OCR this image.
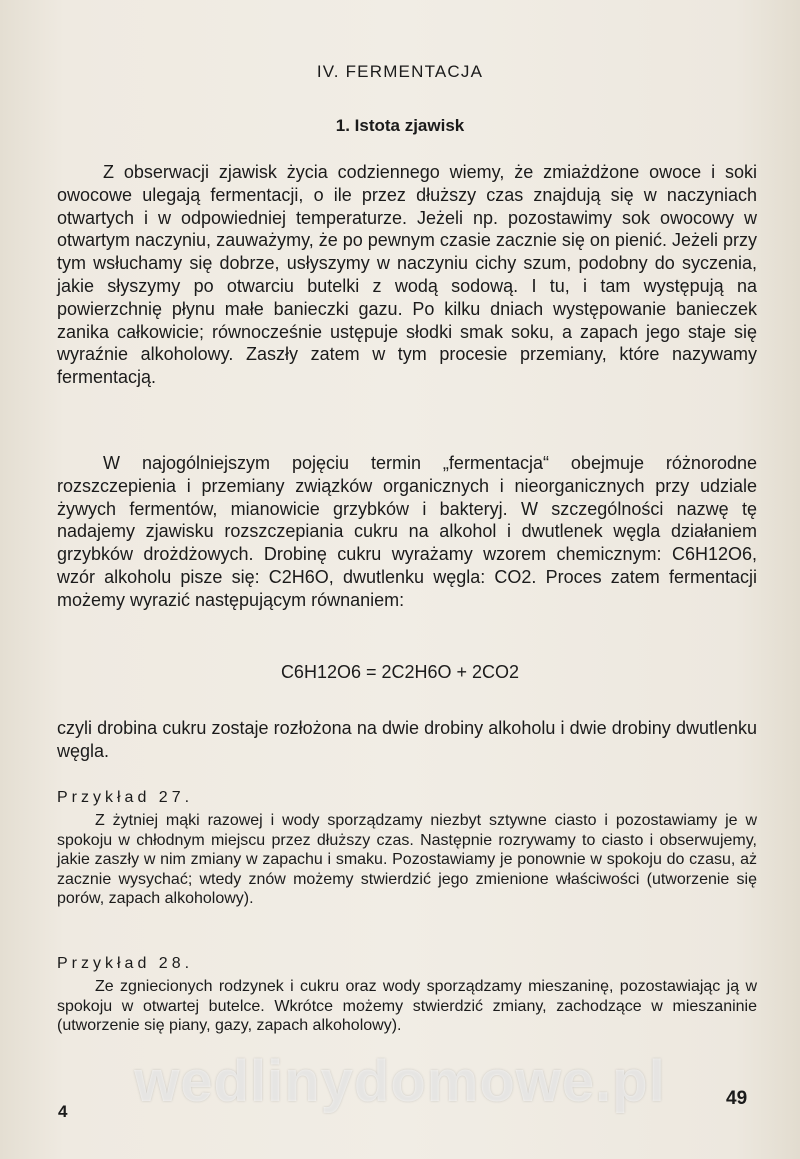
IV. FERMENTACJA
1. Istota zjawisk

Z obserwacji zjawisk życia codziennego wiemy, że zmiażdżone owoce i soki owocowe ulegają fermentacji, o ile przez dłuższy czas znajdują się w naczyniach otwartych i w odpowiedniej temperaturze. Jeżeli np. pozostawimy sok owocowy w otwartym naczyniu, zauważymy, że po pewnym czasie zacznie się on pienić. Jeżeli przy tym wsłuchamy się dobrze, usłyszymy w naczyniu cichy szum, podobny do syczenia, jakie słyszymy po otwarciu butelki z wodą sodową. I tu, i tam występują na powierzchnię płynu małe banieczki gazu. Po kilku dniach występowanie banieczek zanika całkowicie; równocześnie ustępuje słodki smak soku, a zapach jego staje się wyraźnie alkoholowy. Zaszły zatem w tym procesie przemiany, które nazywamy fermentacją.

W najogólniejszym pojęciu termin „fermentacja“ obejmuje różnorodne rozszczepienia i przemiany związków organicznych i nieorganicznych przy udziale żywych fermentów, mianowicie grzybków i bakteryj. W szczególności nazwę tę nadajemy zjawisku rozszczepiania cukru na alkohol i dwutlenek węgla działaniem grzybków drożdżowych. Drobinę cukru wyrażamy wzorem chemicznym: C6H12O6, wzór alkoholu pisze się: C2H6O, dwutlenku węgla: CO2. Proces zatem fermentacji możemy wyrazić następującym równaniem:

C6H12O6 = 2C2H6O + 2CO2

czyli drobina cukru zostaje rozłożona na dwie drobiny alkoholu i dwie drobiny dwutlenku węgla.

Przykład 27.

Z żytniej mąki razowej i wody sporządzamy niezbyt sztywne ciasto i pozostawiamy je w spokoju w chłodnym miejscu przez dłuższy czas. Następnie rozrywamy to ciasto i obserwujemy, jakie zaszły w nim zmiany w zapachu i smaku. Pozostawiamy je ponownie w spokoju do czasu, aż zacznie wysychać; wtedy znów możemy stwierdzić jego zmienione właściwości (utworzenie się porów, zapach alkoholowy).

Przykład 28.

Ze zgniecionych rodzynek i cukru oraz wody sporządzamy mieszaninę, pozostawiając ją w spokoju w otwartej butelce. Wkrótce możemy stwierdzić zmiany, zachodzące w mieszaninie (utworzenie się piany, gazy, zapach alkoholowy).

wedlinydomowe.pl
4
49
